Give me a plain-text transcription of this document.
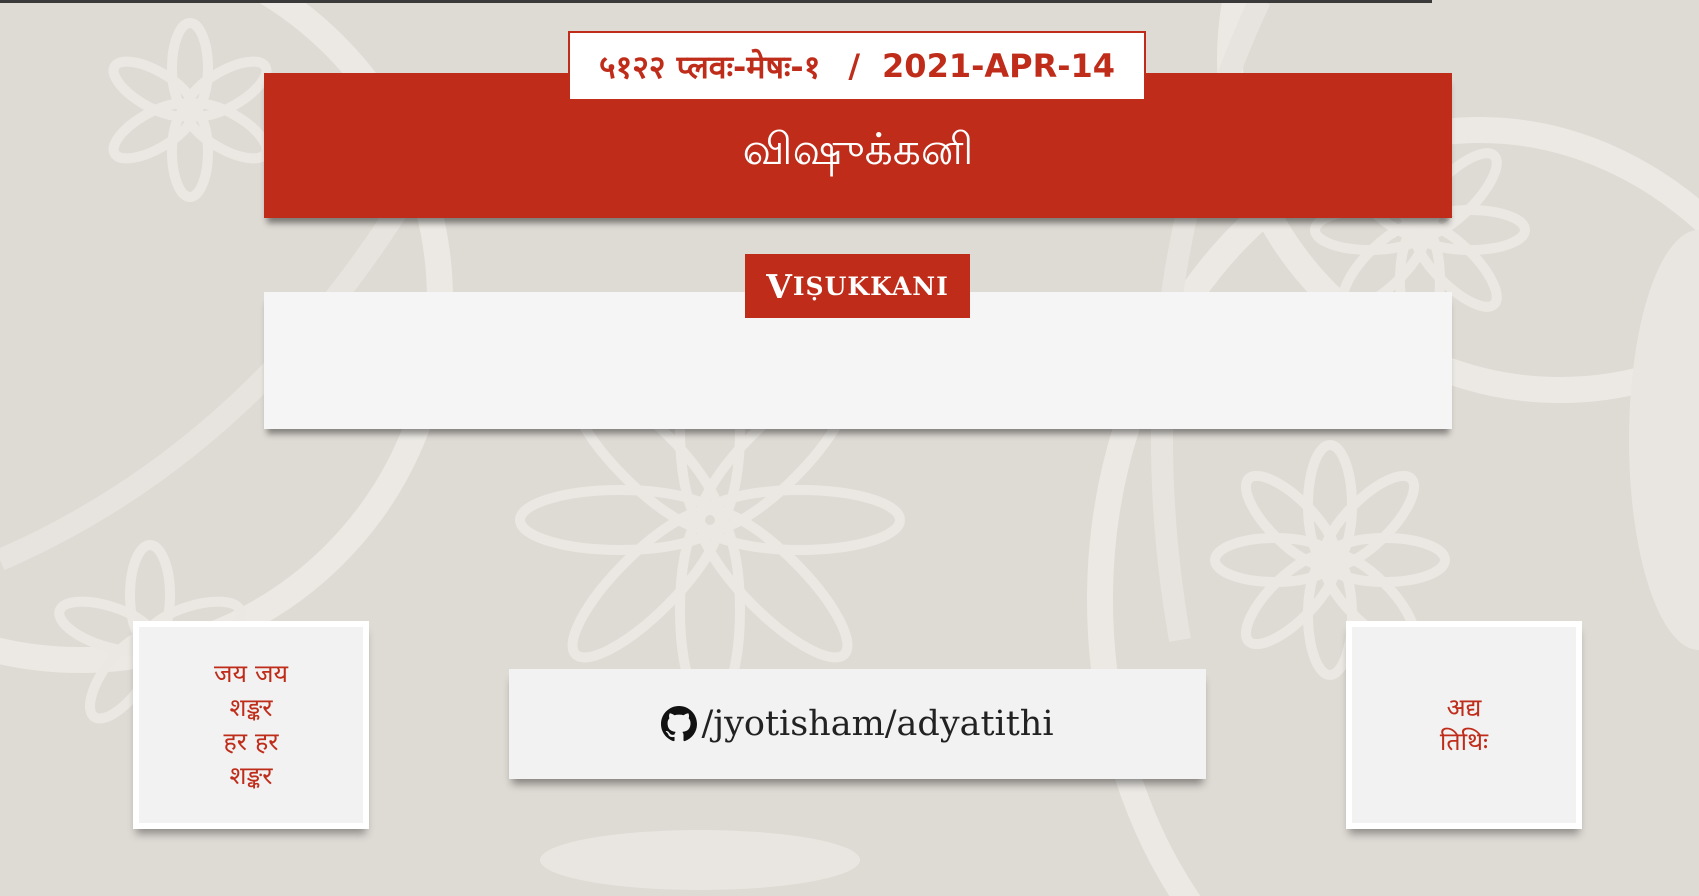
விஷுக்கனி
५१२२ प्लवः-मेषः-१ / 2021-APR-14
V IṢUKKANI
जय जय
शङ्कर
हर हर
शङ्कर
/jyotisham/adyatithi	अद्य
तिथिः
